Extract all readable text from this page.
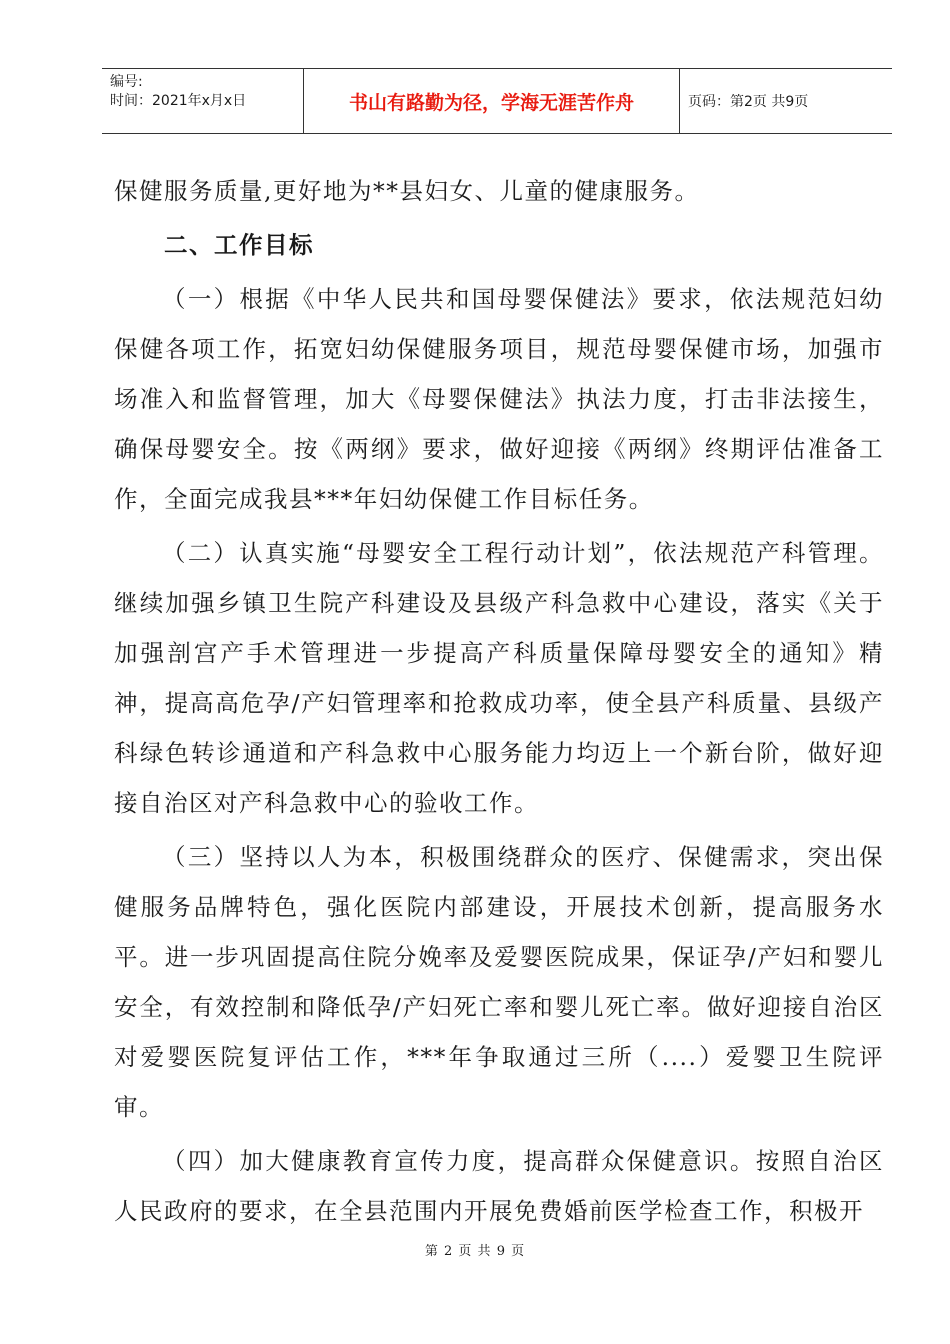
编号:
时间：2021年x月x日	书山有路勤为径，学海无涯苦作舟	页码：第2页 共9页

保健服务质量,更好地为**县妇女、儿童的健康服务。

二、工作目标

（一）根据《中华人民共和国母婴保健法》要求，依法规范妇幼保健各项工作，拓宽妇幼保健服务项目，规范母婴保健市场，加强市场准入和监督管理，加大《母婴保健法》执法力度，打击非法接生，确保母婴安全。按《两纲》要求，做好迎接《两纲》终期评估准备工作，全面完成我县***年妇幼保健工作目标任务。

（二）认真实施“母婴安全工程行动计划”，依法规范产科管理。继续加强乡镇卫生院产科建设及县级产科急救中心建设，落实《关于加强剖宫产手术管理进一步提高产科质量保障母婴安全的通知》精神，提高高危孕/产妇管理率和抢救成功率，使全县产科质量、县级产科绿色转诊通道和产科急救中心服务能力均迈上一个新台阶，做好迎接自治区对产科急救中心的验收工作。

（三）坚持以人为本，积极围绕群众的医疗、保健需求，突出保健服务品牌特色，强化医院内部建设，开展技术创新，提高服务水平。进一步巩固提高住院分娩率及爱婴医院成果，保证孕/产妇和婴儿安全，有效控制和降低孕/产妇死亡率和婴儿死亡率。做好迎接自治区对爱婴医院复评估工作，***年争取通过三所（....）爱婴卫生院评审。

（四）加大健康教育宣传力度，提高群众保健意识。按照自治区人民政府的要求，在全县范围内开展免费婚前医学检查工作，积极开

第 2 页 共 9 页
